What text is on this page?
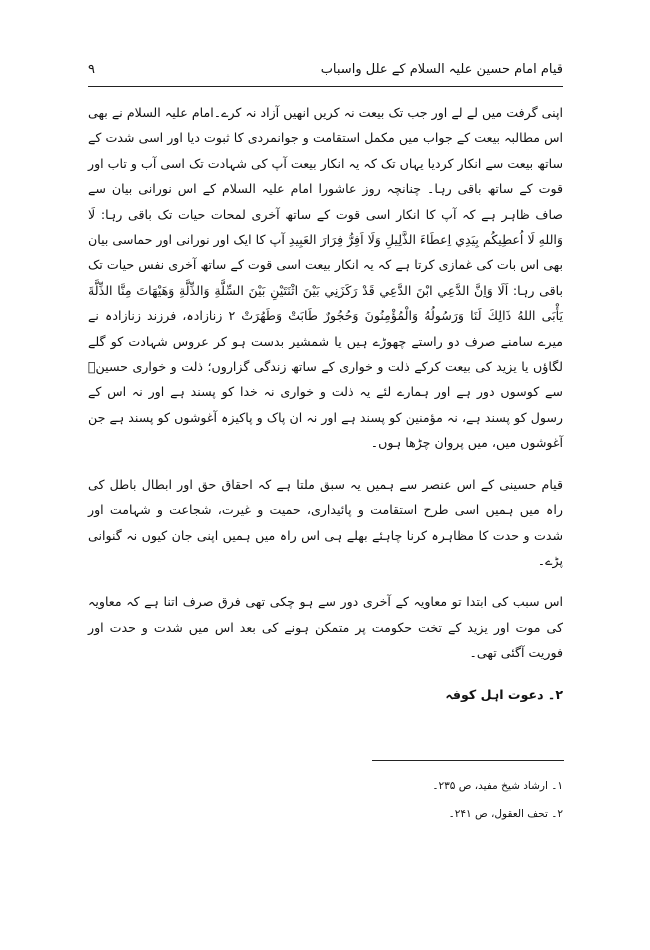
قیام امام حسین علیہ السلام کے علل واسباب
۹

اپنی گرفت میں لے لے اور جب تک بیعت نہ کریں انھیں آزاد نہ کرے۔امام علیہ السلام نے بھی اس مطالبہ بیعت کے جواب میں مکمل استقامت و جوانمردی کا ثبوت دیا اور اسی شدت کے ساتھ بیعت سے انکار کردیا یہاں تک کہ یہ انکار بیعت آپ کی شہادت تک اسی آب و تاب اور قوت کے ساتھ باقی رہا۔ چنانچہ روز عاشورا امام علیہ السلام کے اس نورانی بیان سے صاف ظاہر ہے کہ آپ کا انکار اسی قوت کے ساتھ آخری لمحات حیات تک باقی رہا: لَا وَاللهِ لَا اُعطِيكُم بِيَدِي اِعطَاءَ الذَّلِيلِ وَلَا اَفِرُّ فِرَارَ العَبِيدِ آپ کا ایک اور نورانی اور حماسی بیان بھی اس بات کی غمازی کرتا ہے کہ یہ انکار بیعت اسی قوت کے ساتھ آخری نفس حیات تک باقی رہا: اَلَا وَاِنَّ الدَّعِي ابْنَ الدَّعِي قَدْ رَكَزَنِي بَيْنَ اثْنَتَيْنِ بَيْنَ السِّلَّةِ وَالذِّلَّةِ وَهَيْهَاتَ مِنَّا الذِّلَّةَ يَأْبَى اللهُ ذَالِكَ لَنَا وَرَسُولُهُ وَالْمُؤْمِنُونَ وَحُجُورٌ طَابَتْ وَطَهُرَتْ ٢ زنازادہ، فرزند زنازادہ نے میرے سامنے صرف دو راستے چھوڑے ہیں یا شمشیر بدست ہو کر عروس شہادت کو گلے لگاؤں یا یزید کی بیعت کرکے ذلت و خواری کے ساتھ زندگی گزاروں؛ ذلت و خواری حسینؑ سے کوسوں دور ہے اور ہمارے لئے یہ ذلت و خواری نہ خدا کو پسند ہے اور نہ اس کے رسول کو پسند ہے، نہ مؤمنین کو پسند ہے اور نہ ان پاک و پاکیزہ آغوشوں کو پسند ہے جن آغوشوں میں، میں پروان چڑھا ہوں۔

قیام حسینی کے اس عنصر سے ہمیں یہ سبق ملتا ہے کہ احقاق حق اور ابطال باطل کی راہ میں ہمیں اسی طرح استقامت و پائیداری، حمیت و غیرت، شجاعت و شہامت اور شدت و حدت کا مظاہرہ کرنا چاہئے بھلے ہی اس راہ میں ہمیں اپنی جان کیوں نہ گنوانی پڑے۔

اس سبب کی ابتدا تو معاویہ کے آخری دور سے ہو چکی تھی فرق صرف اتنا ہے کہ معاویہ کی موت اور یزید کے تخت حکومت پر متمکن ہونے کی بعد اس میں شدت و حدت اور فوریت آگئی تھی۔

۲۔ دعوت اہل کوفہ

۱۔ ارشاد شیخ مفید، ص ۲۳۵۔
۲۔ تحف العقول، ص ۲۴۱۔
